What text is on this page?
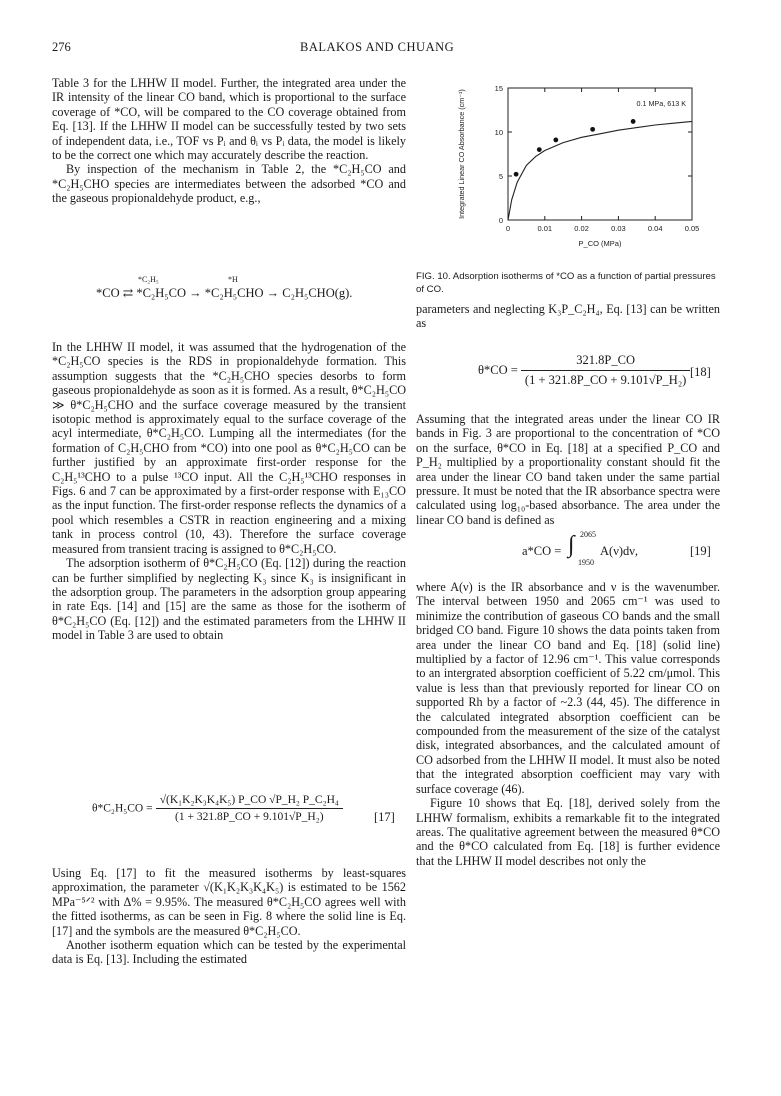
276	BALAKOS AND CHUANG

Table 3 for the LHHW II model. Further, the integrated area under the IR intensity of the linear CO band, which is proportional to the surface coverage of *CO, will be compared to the CO coverage obtained from Eq. [13]. If the LHHW II model can be successfully tested by two sets of independent data, i.e., TOF vs Pᵢ and θᵢ vs Pᵢ data, the model is likely to be the correct one which may accurately describe the reaction.

By inspection of the mechanism in Table 2, the *C₂H₅CO and *C₂H₅CHO species are intermediates between the adsorbed *CO and the gaseous propionaldehyde product, e.g.,

*C₂H₅	*H
*CO ⇄ *C₂H₅CO → *C₂H₅CHO → C₂H₅CHO(g).

In the LHHW II model, it was assumed that the hydrogenation of the *C₂H₅CO species is the RDS in propionaldehyde formation. This assumption suggests that the *C₂H₅CHO species desorbs to form gaseous propionaldehyde as soon as it is formed. As a result, θ*C₂H₅CO ≫ θ*C₂H₅CHO and the surface coverage measured by the transient isotopic method is approximately equal to the surface coverage of the acyl intermediate, θ*C₂H₅CO. Lumping all the intermediates (for the formation of C₂H₅CHO from *CO) into one pool as θ*C₂H₅CO can be further justified by an approximate first-order response for the C₂H₅¹³CHO to a pulse ¹³CO input. All the C₂H₅¹³CHO responses in Figs. 6 and 7 can be approximated by a first-order response with E₁₃CO as the input function. The first-order response reflects the dynamics of a pool which resembles a CSTR in reaction engineering and a mixing tank in process control (10, 43). Therefore the surface coverage measured from transient tracing is assigned to θ*C₂H₅CO.

The adsorption isotherm of θ*C₂H₅CO (Eq. [12]) during the reaction can be further simplified by neglecting K₃ since K₃ is insignificant in the adsorption group. The parameters in the adsorption group appearing in rate Eqs. [14] and [15] are the same as those for the isotherm of θ*C₂H₅CO (Eq. [12]) and the estimated parameters from the LHHW II model in Table 3 are used to obtain

$\theta*C_2H_5CO = \frac{\text{√(K₁K₂K₃K₄K₅) P\_CO √P\_H₂ P\_C₂H₄}}{\text{(1 + 321.8P\_CO + 9.101√P\_H₂)}} [17]$

Using Eq. [17] to fit the measured isotherms by least-squares approximation, the parameter √(K₁K₂K₃K₄K₅) is estimated to be 1562 MPa⁻⁵ᐟ² with Δ% = 9.95%. The measured θ*C₂H₅CO agrees well with the fitted isotherms, as can be seen in Fig. 8 where the solid line is Eq. [17] and the symbols are the measured θ*C₂H₅CO.

Another isotherm equation which can be tested by the experimental data is Eq. [13]. Including the estimated

0	0.01	0.02	0.03	0.04	0.05
0
5
10
15
P_CO (MPa)
Integrated Linear CO Absorbance (cm⁻¹)	0.1 MPa, 613 K
FIG. 10. Adsorption isotherms of *CO as a function of partial pressures of CO.

parameters and neglecting K₃P_C₂H₄, Eq. [13] can be written as

$\theta*CO = \frac{321.8P\_CO}{\text{(1 + 321.8P\_CO + 9.101√P\_H₂)}} [18]$

Assuming that the integrated areas under the linear CO IR bands in Fig. 3 are proportional to the concentration of *CO on the surface, θ*CO in Eq. [18] at a specified P_CO and P_H₂ multiplied by a proportionality constant should fit the area under the linear CO band taken under the same partial pressure. It must be noted that the IR absorbance spectra were calculated using log₁₀-based absorbance. The area under the linear CO band is defined as

a*CO = ∫ 2065
1950
A(ν)dν,	[19]

where A(ν) is the IR absorbance and ν is the wavenumber. The interval between 1950 and 2065 cm⁻¹ was used to minimize the contribution of gaseous CO bands and the small bridged CO band. Figure 10 shows the data points taken from area under the linear CO band and Eq. [18] (solid line) multiplied by a factor of 12.96 cm⁻¹. This value corresponds to an intergrated absorption coefficient of 5.22 cm/μmol. This value is less than that previously reported for linear CO on supported Rh by a factor of ~2.3 (44, 45). The difference in the calculated integrated absorption coefficient can be compounded from the measurement of the size of the catalyst disk, integrated absorbances, and the calculated amount of CO adsorbed from the LHHW II model. It must also be noted that the integrated absorption coefficient may vary with surface coverage (46).

Figure 10 shows that Eq. [18], derived solely from the LHHW formalism, exhibits a remarkable fit to the integrated areas. The qualitative agreement between the measured θ*CO and the θ*CO calculated from Eq. [18] is further evidence that the LHHW II model describes not only the
